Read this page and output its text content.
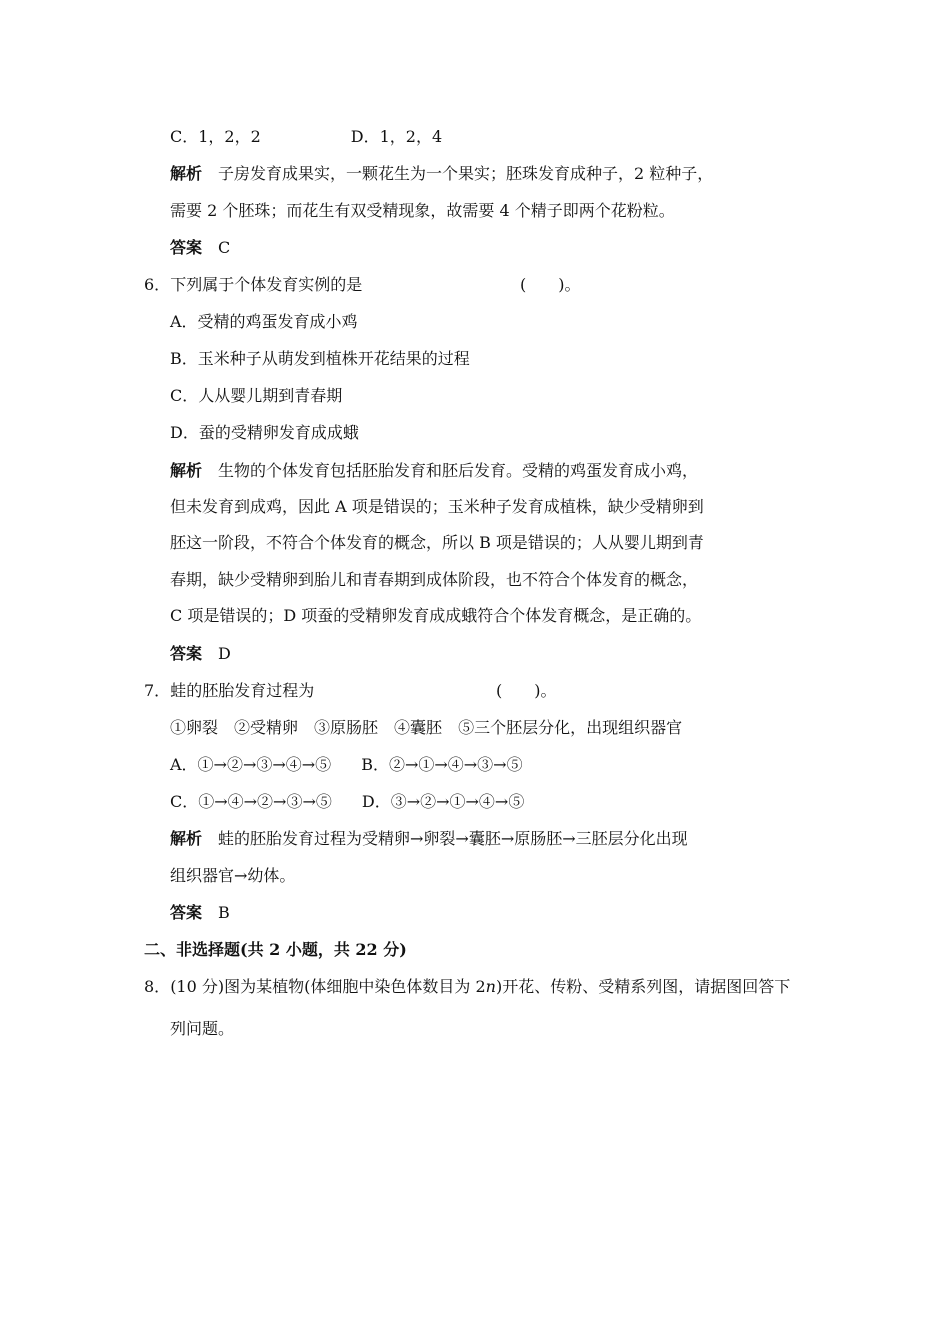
C．1，2，2	D．1，2，4
解析 子房发育成果实，一颗花生为一个果实；胚珠发育成种子，2 粒种子，
需要 2 个胚珠；而花生有双受精现象，故需要 4 个精子即两个花粉粒。
答案 C
6．下列属于个体发育实例的是	(　　)。
A．受精的鸡蛋发育成小鸡
B．玉米种子从萌发到植株开花结果的过程
C．人从婴儿期到青春期
D．蚕的受精卵发育成成蛾
解析 生物的个体发育包括胚胎发育和胚后发育。受精的鸡蛋发育成小鸡，
但未发育到成鸡，因此 A 项是错误的；玉米种子发育成植株，缺少受精卵到
胚这一阶段，不符合个体发育的概念，所以 B 项是错误的；人从婴儿期到青
春期，缺少受精卵到胎儿和青春期到成体阶段，也不符合个体发育的概念，
C 项是错误的；D 项蚕的受精卵发育成成蛾符合个体发育概念，是正确的。
答案 D
7．蛙的胚胎发育过程为	(　　)。
①卵裂 ②受精卵 ③原肠胚 ④囊胚 ⑤三个胚层分化，出现组织器官
A．①→②→③→④→⑤ B．②→①→④→③→⑤
C．①→④→②→③→⑤ D．③→②→①→④→⑤
解析 蛙的胚胎发育过程为受精卵→卵裂→囊胚→原肠胚→三胚层分化出现
组织器官→幼体。
答案 B
二、非选择题(共 2 小题，共 22 分)
8．(10 分)图为某植物(体细胞中染色体数目为 2n)开花、传粉、受精系列图，请据图回答下
列问题。
